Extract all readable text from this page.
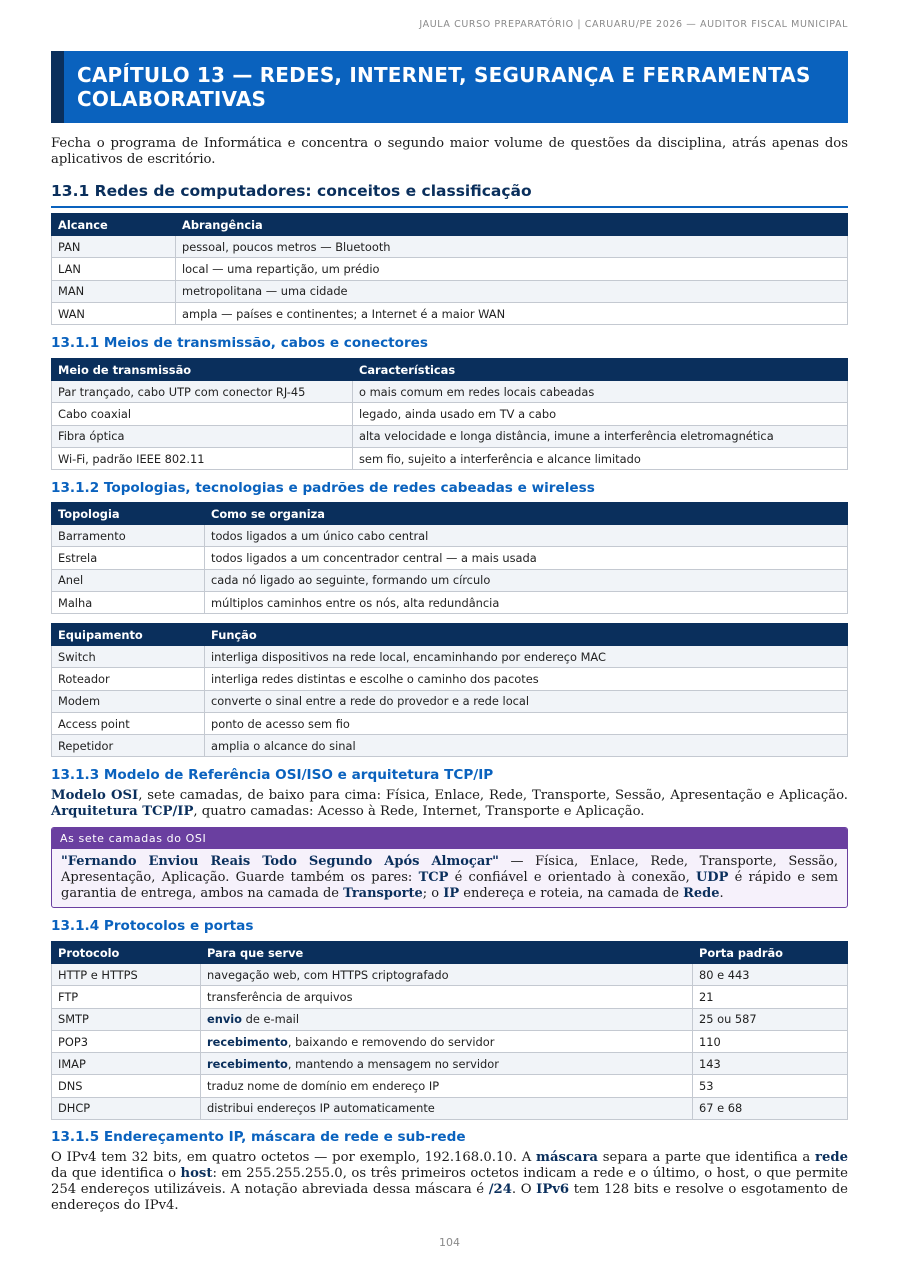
JAULA CURSO PREPARATÓRIO | CARUARU/PE 2026 — AUDITOR FISCAL MUNICIPAL
CAPÍTULO 13 — REDES, INTERNET, SEGURANÇA E FERRAMENTAS COLABORATIVAS

Fecha o programa de Informática e concentra o segundo maior volume de questões da disciplina, atrás apenas dos aplicativos de escritório.

13.1 Redes de computadores: conceitos e classificação
Alcance	Abrangência
PAN	pessoal, poucos metros — Bluetooth
LAN	local — uma repartição, um prédio
MAN	metropolitana — uma cidade
WAN	ampla — países e continentes; a Internet é a maior WAN
13.1.1 Meios de transmissão, cabos e conectores
Meio de transmissão	Características
Par trançado, cabo UTP com conector RJ-45	o mais comum em redes locais cabeadas
Cabo coaxial	legado, ainda usado em TV a cabo
Fibra óptica	alta velocidade e longa distância, imune a interferência eletromagnética
Wi-Fi, padrão IEEE 802.11	sem fio, sujeito a interferência e alcance limitado
13.1.2 Topologias, tecnologias e padrões de redes cabeadas e wireless
Topologia	Como se organiza
Barramento	todos ligados a um único cabo central
Estrela	todos ligados a um concentrador central — a mais usada
Anel	cada nó ligado ao seguinte, formando um círculo
Malha	múltiplos caminhos entre os nós, alta redundância
Equipamento	Função
Switch	interliga dispositivos na rede local, encaminhando por endereço MAC
Roteador	interliga redes distintas e escolhe o caminho dos pacotes
Modem	converte o sinal entre a rede do provedor e a rede local
Access point	ponto de acesso sem fio
Repetidor	amplia o alcance do sinal
13.1.3 Modelo de Referência OSI/ISO e arquitetura TCP/IP

Modelo OSI, sete camadas, de baixo para cima: Física, Enlace, Rede, Transporte, Sessão, Apresentação e Aplicação. Arquitetura TCP/IP, quatro camadas: Acesso à Rede, Internet, Transporte e Aplicação.

As sete camadas do OSI
"Fernando Enviou Reais Todo Segundo Após Almoçar" — Física, Enlace, Rede, Transporte, Sessão, Apresentação, Aplicação. Guarde também os pares: TCP é confiável e orientado à conexão, UDP é rápido e sem garantia de entrega, ambos na camada de Transporte; o IP endereça e roteia, na camada de Rede.
13.1.4 Protocolos e portas
Protocolo	Para que serve	Porta padrão
HTTP e HTTPS	navegação web, com HTTPS criptografado	80 e 443
FTP	transferência de arquivos	21
SMTP	envio de e-mail	25 ou 587
POP3	recebimento, baixando e removendo do servidor	110
IMAP	recebimento, mantendo a mensagem no servidor	143
DNS	traduz nome de domínio em endereço IP	53
DHCP	distribui endereços IP automaticamente	67 e 68
13.1.5 Endereçamento IP, máscara de rede e sub-rede

O IPv4 tem 32 bits, em quatro octetos — por exemplo, 192.168.0.10. A máscara separa a parte que identifica a rede da que identifica o host: em 255.255.255.0, os três primeiros octetos indicam a rede e o último, o host, o que permite 254 endereços utilizáveis. A notação abreviada dessa máscara é /24. O IPv6 tem 128 bits e resolve o esgotamento de endereços do IPv4.

104
